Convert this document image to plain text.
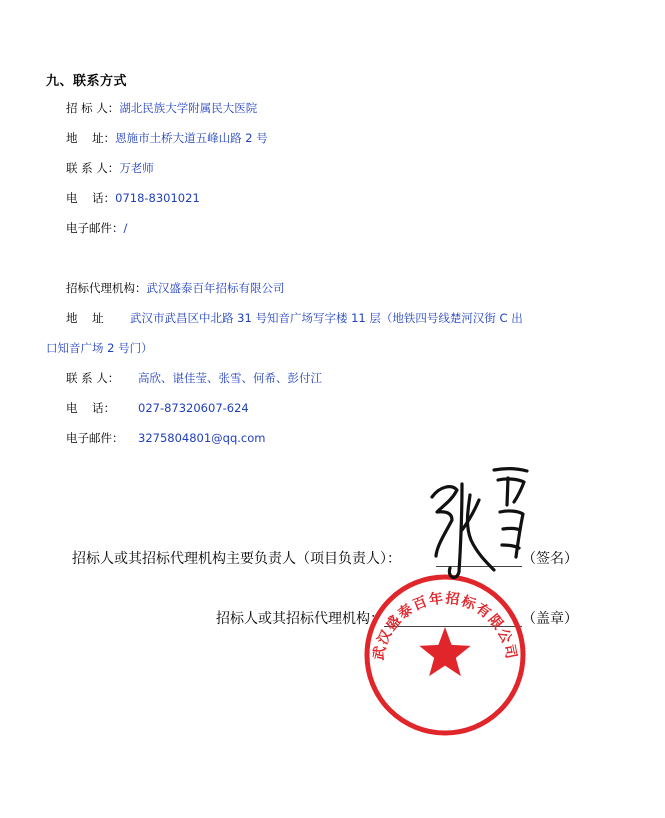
九、联系方式
招 标 人：湖北民族大学附属民大医院
地    址：恩施市土桥大道五峰山路 2 号
联 系 人：万老师
电    话：0718-8301021
电子邮件：/
招标代理机构：武汉盛泰百年招标有限公司
地    址 武汉市武昌区中北路 31 号知音广场写字楼 11 层（地铁四号线楚河汉街 C 出
口知音广场 2 号门）
联 系 人： 高欣、谌佳莹、张雪、何希、彭付江
电    话： 027-87320607-624
电子邮件： 3275804801@qq.com
招标人或其招标代理机构主要负责人（项目负责人）：	（签名）
招标人或其招标代理机构：	（盖章）
武汉盛泰百年招标有限公司
